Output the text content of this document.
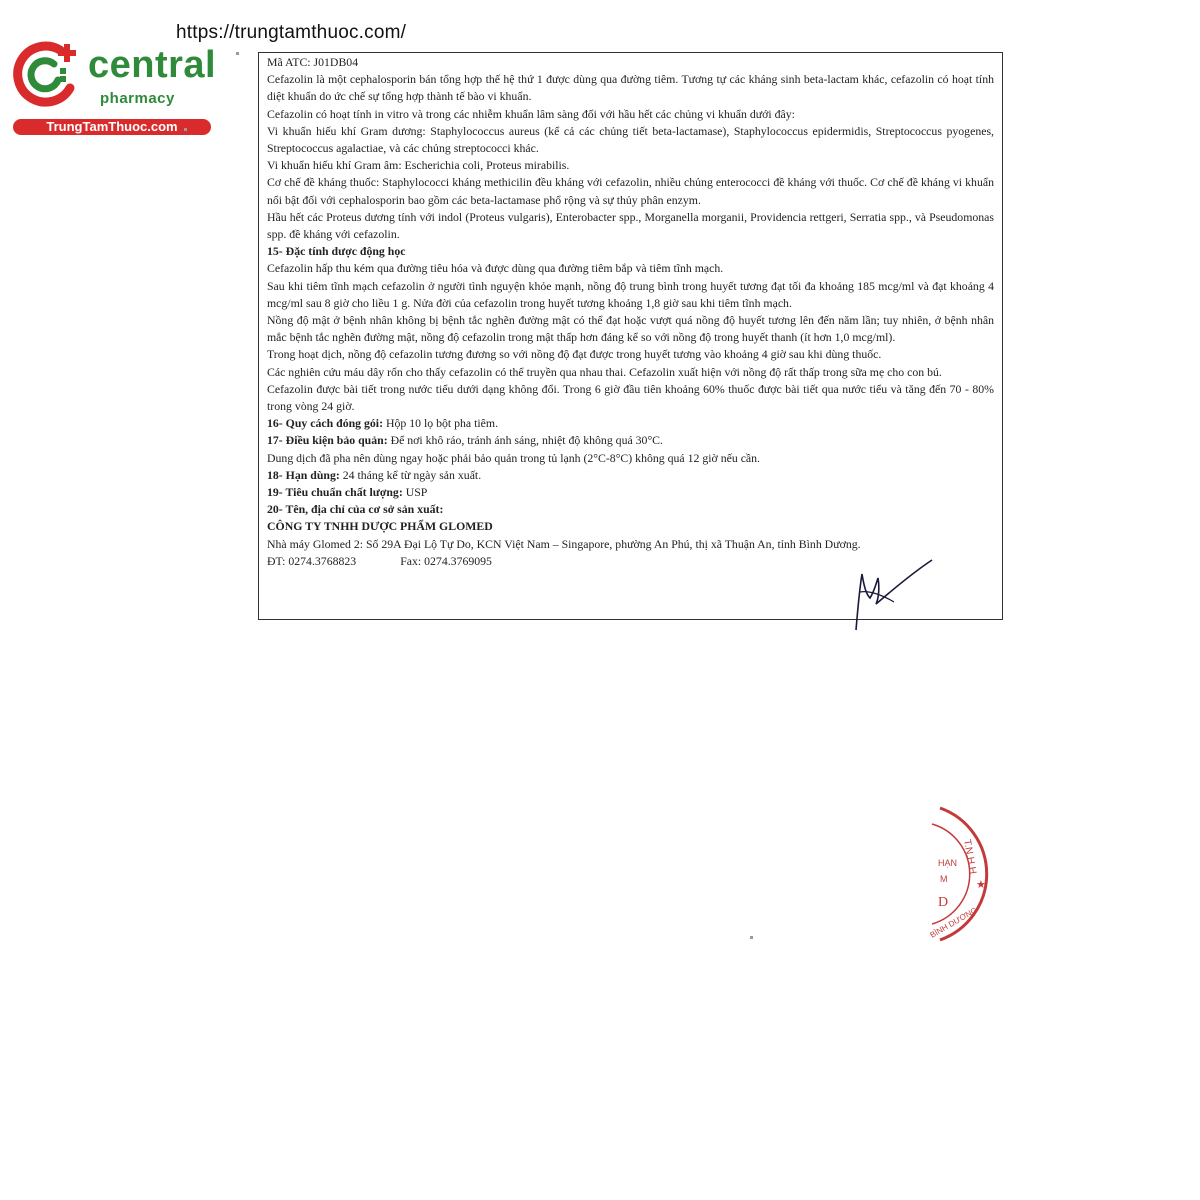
https://trungtamthuoc.com/
central
pharmacy
TrungTamThuoc.com

Mã ATC: J01DB04

Cefazolin là một cephalosporin bán tổng hợp thế hệ thứ 1 được dùng qua đường tiêm. Tương tự các kháng sinh beta-lactam khác, cefazolin có hoạt tính diệt khuẩn do ức chế sự tổng hợp thành tế bào vi khuẩn.

Cefazolin có hoạt tính in vitro và trong các nhiễm khuẩn lâm sàng đối với hầu hết các chủng vi khuẩn dưới đây:

Vi khuẩn hiếu khí Gram dương: Staphylococcus aureus (kể cả các chủng tiết beta-lactamase), Staphylococcus epidermidis, Streptococcus pyogenes, Streptococcus agalactiae, và các chủng streptococci khác.

Vi khuẩn hiếu khí Gram âm: Escherichia coli, Proteus mirabilis.

Cơ chế đề kháng thuốc: Staphylococci kháng methicilin đều kháng với cefazolin, nhiều chủng enterococci đề kháng với thuốc. Cơ chế đề kháng vi khuẩn nổi bật đối với cephalosporin bao gồm các beta-lactamase phổ rộng và sự thủy phân enzym.

Hầu hết các Proteus dương tính với indol (Proteus vulgaris), Enterobacter spp., Morganella morganii, Providencia rettgeri, Serratia spp., và Pseudomonas spp. đề kháng với cefazolin.

15- Đặc tính dược động học

Cefazolin hấp thu kém qua đường tiêu hóa và được dùng qua đường tiêm bắp và tiêm tĩnh mạch.

Sau khi tiêm tĩnh mạch cefazolin ở người tình nguyện khỏe mạnh, nồng độ trung bình trong huyết tương đạt tối đa khoảng 185 mcg/ml và đạt khoảng 4 mcg/ml sau 8 giờ cho liều 1 g. Nửa đời của cefazolin trong huyết tương khoảng 1,8 giờ sau khi tiêm tĩnh mạch.

Nồng độ mật ở bệnh nhân không bị bệnh tắc nghẽn đường mật có thể đạt hoặc vượt quá nồng độ huyết tương lên đến năm lần; tuy nhiên, ở bệnh nhân mắc bệnh tắc nghẽn đường mật, nồng độ cefazolin trong mật thấp hơn đáng kể so với nồng độ trong huyết thanh (ít hơn 1,0 mcg/ml).

Trong hoạt dịch, nồng độ cefazolin tương đương so với nồng độ đạt được trong huyết tương vào khoảng 4 giờ sau khi dùng thuốc.

Các nghiên cứu máu dây rốn cho thấy cefazolin có thể truyền qua nhau thai. Cefazolin xuất hiện với nồng độ rất thấp trong sữa mẹ cho con bú.

Cefazolin được bài tiết trong nước tiểu dưới dạng không đổi. Trong 6 giờ đầu tiên khoảng 60% thuốc được bài tiết qua nước tiểu và tăng đến 70 - 80% trong vòng 24 giờ.

16- Quy cách đóng gói: Hộp 10 lọ bột pha tiêm.

17- Điều kiện bảo quản: Để nơi khô ráo, tránh ánh sáng, nhiệt độ không quá 30°C.

Dung dịch đã pha nên dùng ngay hoặc phải bảo quản trong tủ lạnh (2°C-8°C) không quá 12 giờ nếu cần.

18- Hạn dùng: 24 tháng kể từ ngày sản xuất.

19- Tiêu chuẩn chất lượng: USP

20- Tên, địa chỉ của cơ sở sản xuất:

CÔNG TY TNHH DƯỢC PHẨM GLOMED

Nhà máy Glomed 2: Số 29A Đại Lộ Tự Do, KCN Việt Nam – Singapore, phường An Phú, thị xã Thuận An, tỉnh Bình Dương.

ĐT: 0274.3768823	Fax: 0274.3769095

T.N.H.H
★
HẠN
M
D
BÌNH DƯƠNG
